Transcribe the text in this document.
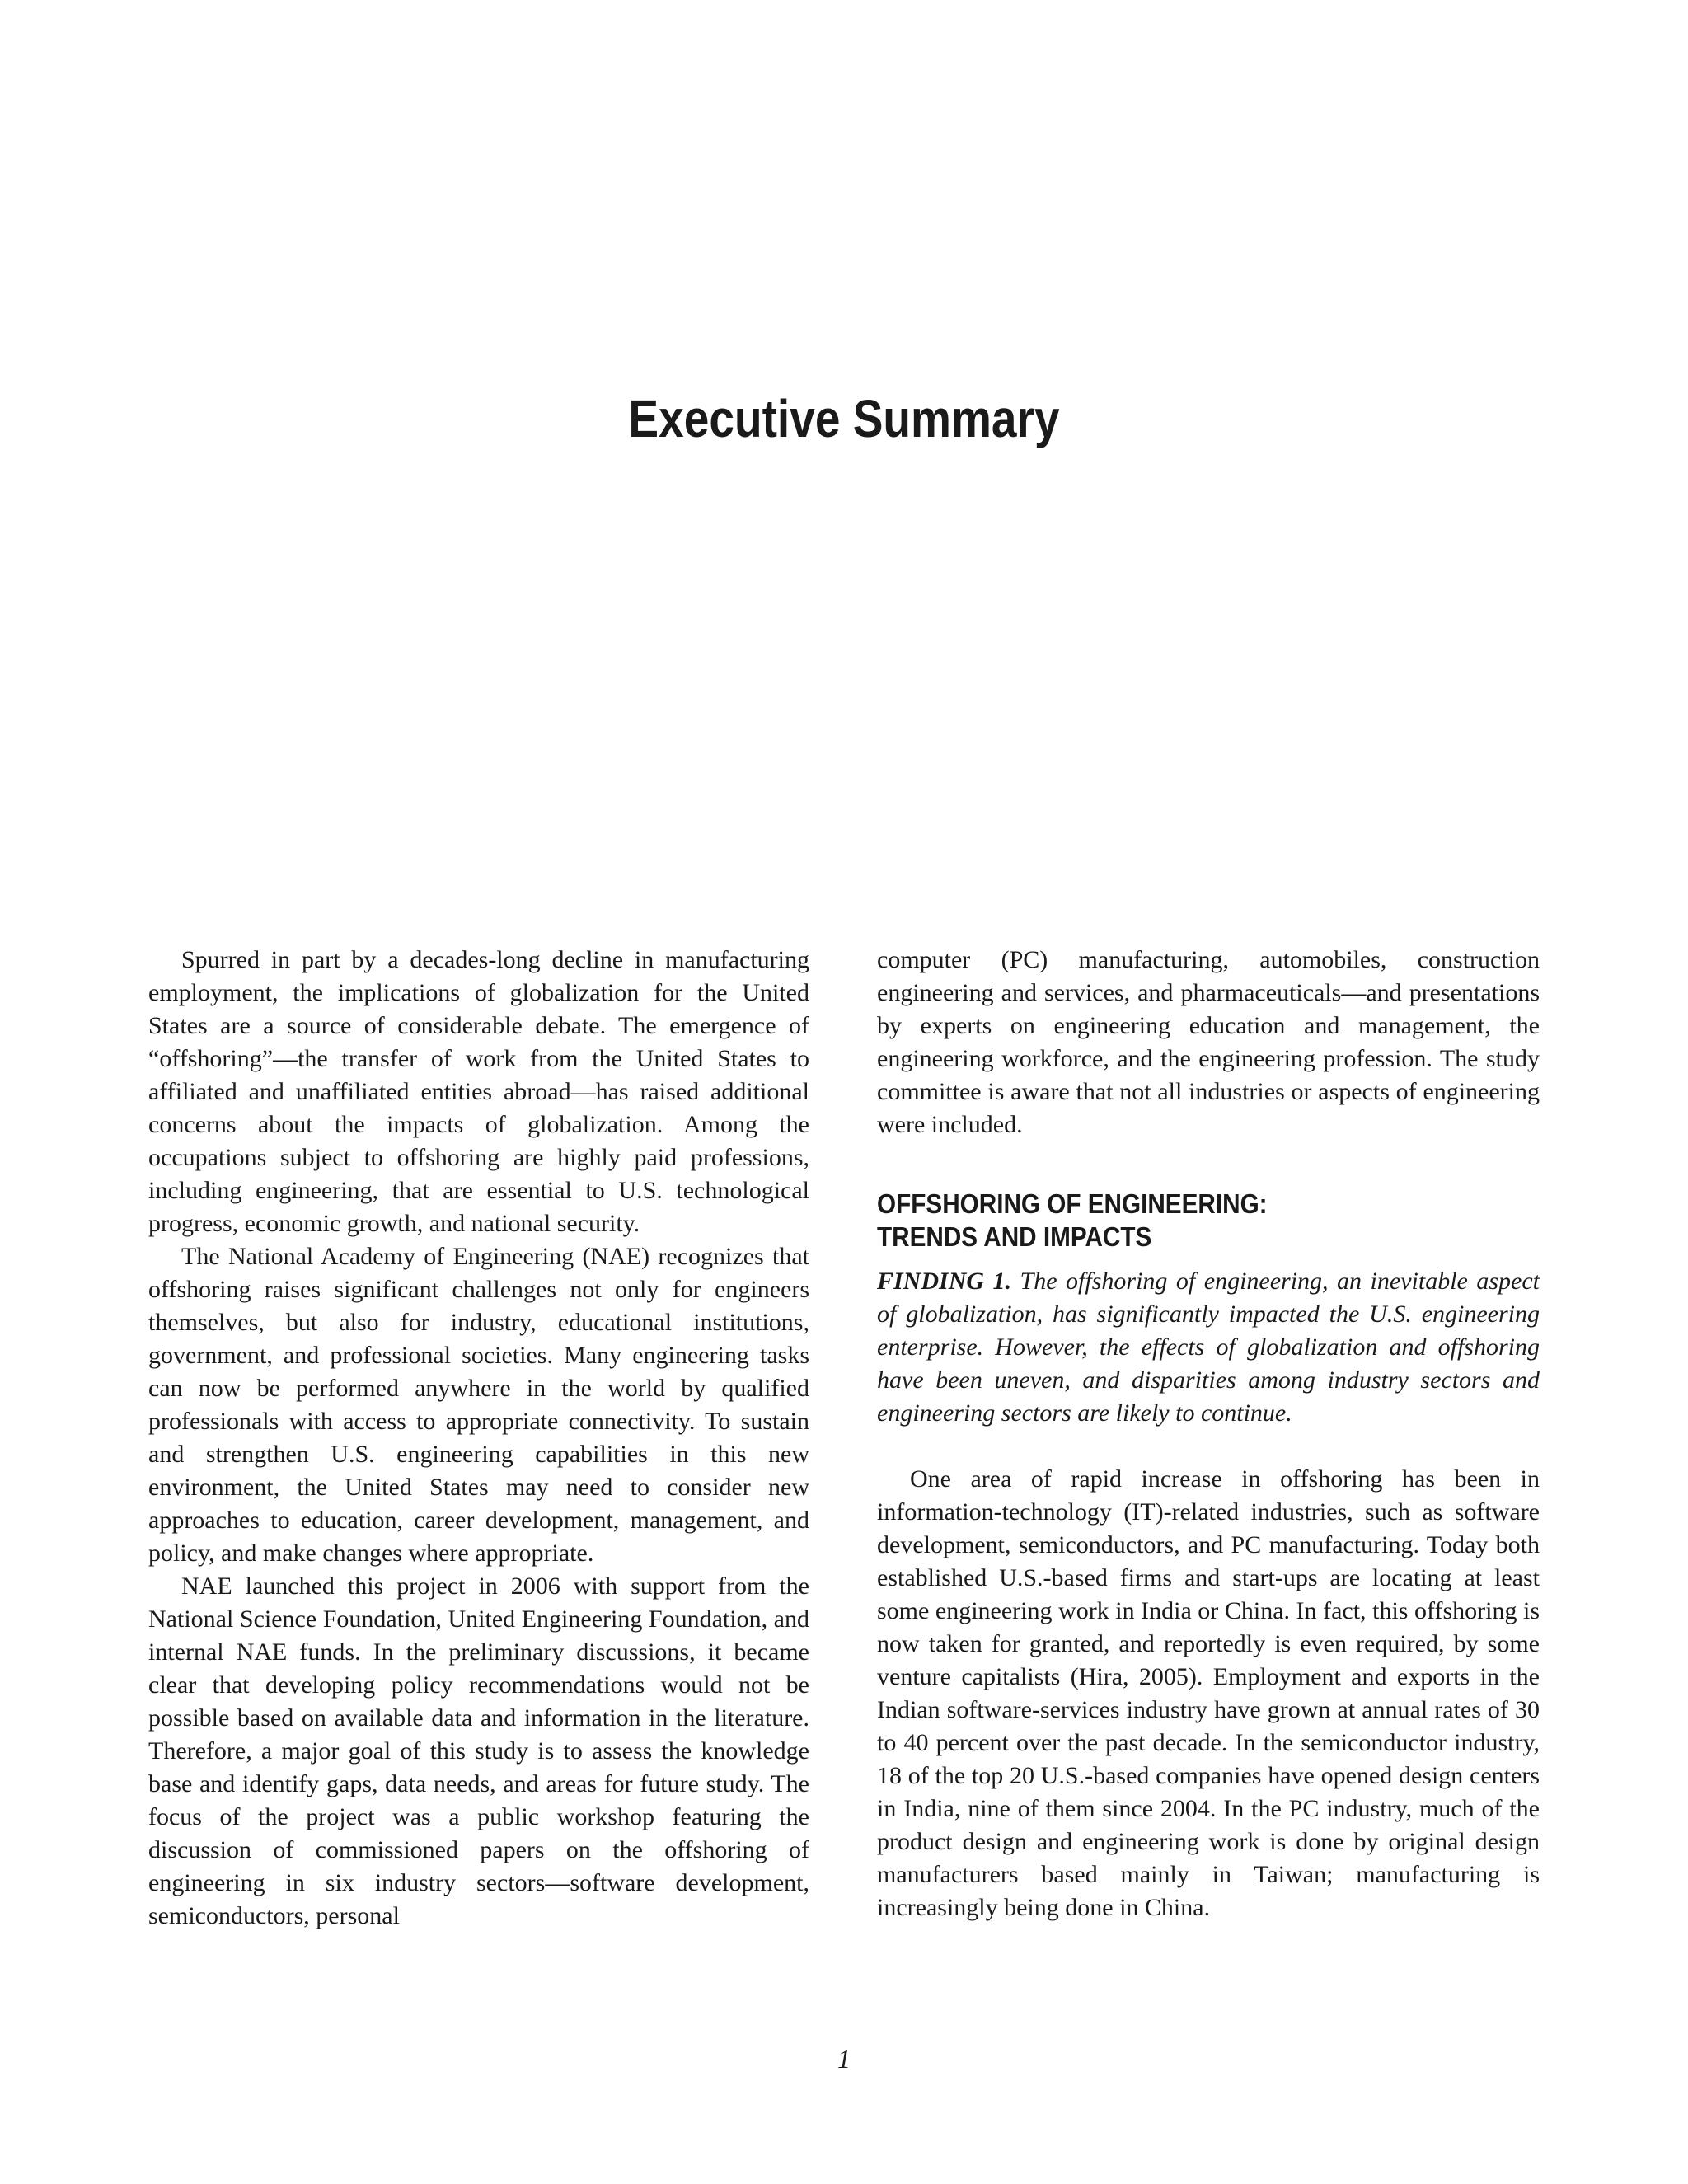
Executive Summary

Spurred in part by a decades-long decline in manufacturing employment, the implications of globalization for the United States are a source of considerable debate. The emergence of “offshoring”—the transfer of work from the United States to affiliated and unaffiliated entities abroad—has raised additional concerns about the impacts of globalization. Among the occupations subject to offshoring are highly paid professions, including engineering, that are essential to U.S. technological progress, economic growth, and national security.

The National Academy of Engineering (NAE) recognizes that offshoring raises significant challenges not only for engineers themselves, but also for industry, educational institutions, government, and professional societies. Many engineering tasks can now be performed anywhere in the world by qualified professionals with access to appropriate connectivity. To sustain and strengthen U.S. engineering capabilities in this new environment, the United States may need to consider new approaches to education, career development, management, and policy, and make changes where appropriate.

NAE launched this project in 2006 with support from the National Science Foundation, United Engineering Foundation, and internal NAE funds. In the preliminary discussions, it became clear that developing policy recommendations would not be possible based on available data and information in the literature. Therefore, a major goal of this study is to assess the knowledge base and identify gaps, data needs, and areas for future study. The focus of the project was a public workshop featuring the discussion of commissioned papers on the offshoring of engineering in six industry sectors—software development, semiconductors, personal

computer (PC) manufacturing, automobiles, construction engineering and services, and pharmaceuticals—and presentations by experts on engineering education and management, the engineering workforce, and the engineering profession. The study committee is aware that not all industries or aspects of engineering were included.

OFFSHORING OF ENGINEERING:
TRENDS AND IMPACTS

FINDING 1. The offshoring of engineering, an inevitable aspect of globalization, has significantly impacted the U.S. engineering enterprise. However, the effects of globalization and offshoring have been uneven, and disparities among industry sectors and engineering sectors are likely to continue.

One area of rapid increase in offshoring has been in information-technology (IT)-related industries, such as software development, semiconductors, and PC manufacturing. Today both established U.S.-based firms and start-ups are locating at least some engineering work in India or China. In fact, this offshoring is now taken for granted, and reportedly is even required, by some venture capitalists (Hira, 2005). Employment and exports in the Indian software-services industry have grown at annual rates of 30 to 40 percent over the past decade. In the semiconductor industry, 18 of the top 20 U.S.-based companies have opened design centers in India, nine of them since 2004. In the PC industry, much of the product design and engineering work is done by original design manufacturers based mainly in Taiwan; manufacturing is increasingly being done in China.

1
